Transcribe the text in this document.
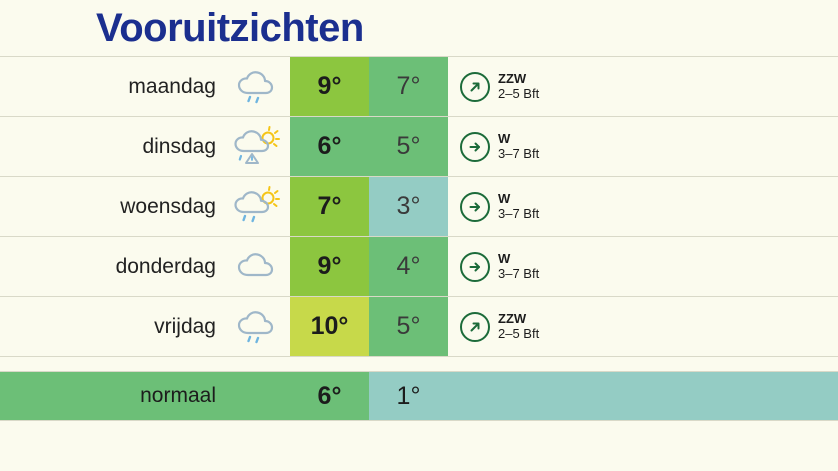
Vooruitzichten
maandag	9°	7°	ZZW
2–5 Bft
dinsdag	6°	5°	W
3–7 Bft
woensdag	7°	3°	W
3–7 Bft
donderdag	9°	4°	W
3–7 Bft
vrijdag	10°	5°	ZZW
2–5 Bft
normaal	6°	1°
